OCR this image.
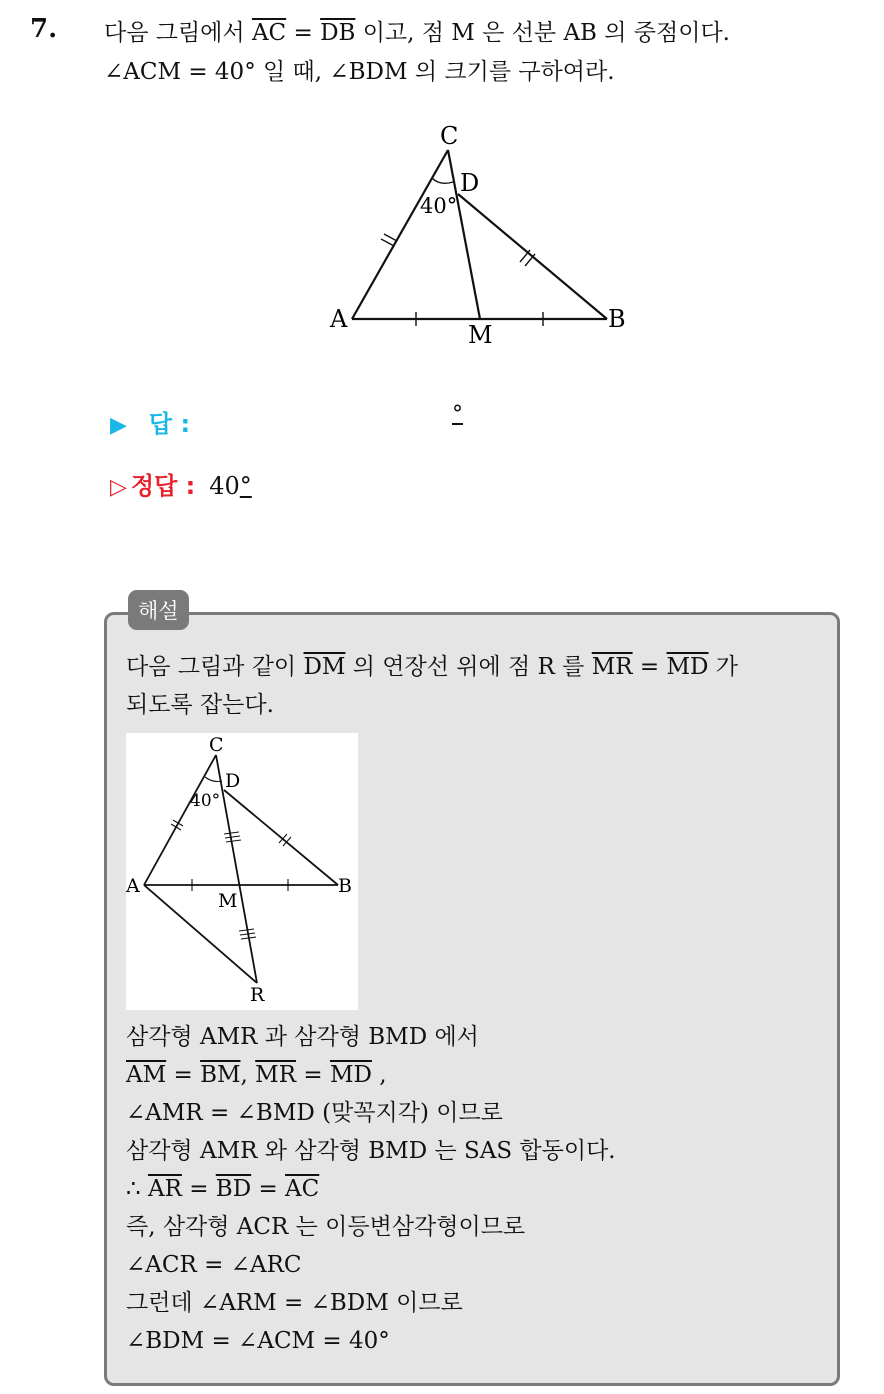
7. 다음 그림에서 $\overline{AC} = \overline{DB}$ 이고, 점 M 은 선분 AB 의 중점이다.
∠ACM = 40° 일 때, ∠BDM 의 크기를 구하여라.
C
D
A	B
M
40°
▶ 답 :	°
▷ 정답 : 40°
해설
다음 그림과 같이 $\overline{DM}$ 의 연장선 위에 점 R 를 $\overline{MR} = \overline{MD}$ 가
되도록 잡는다.
C
D
A	B
M
R
40°
삼각형 AMR 과 삼각형 BMD 에서
$\overline{AM} = \overline{BM}$, $\overline{MR} = \overline{MD}$ ,
∠AMR = ∠BMD (맞꼭지각) 이므로
삼각형 AMR 와 삼각형 BMD 는 SAS 합동이다.
∴ $\overline{AR} = \overline{BD} = \overline{AC}$
즉, 삼각형 ACR 는 이등변삼각형이므로
∠ACR = ∠ARC
그런데 ∠ARM = ∠BDM 이므로
∠BDM = ∠ACM = 40°
